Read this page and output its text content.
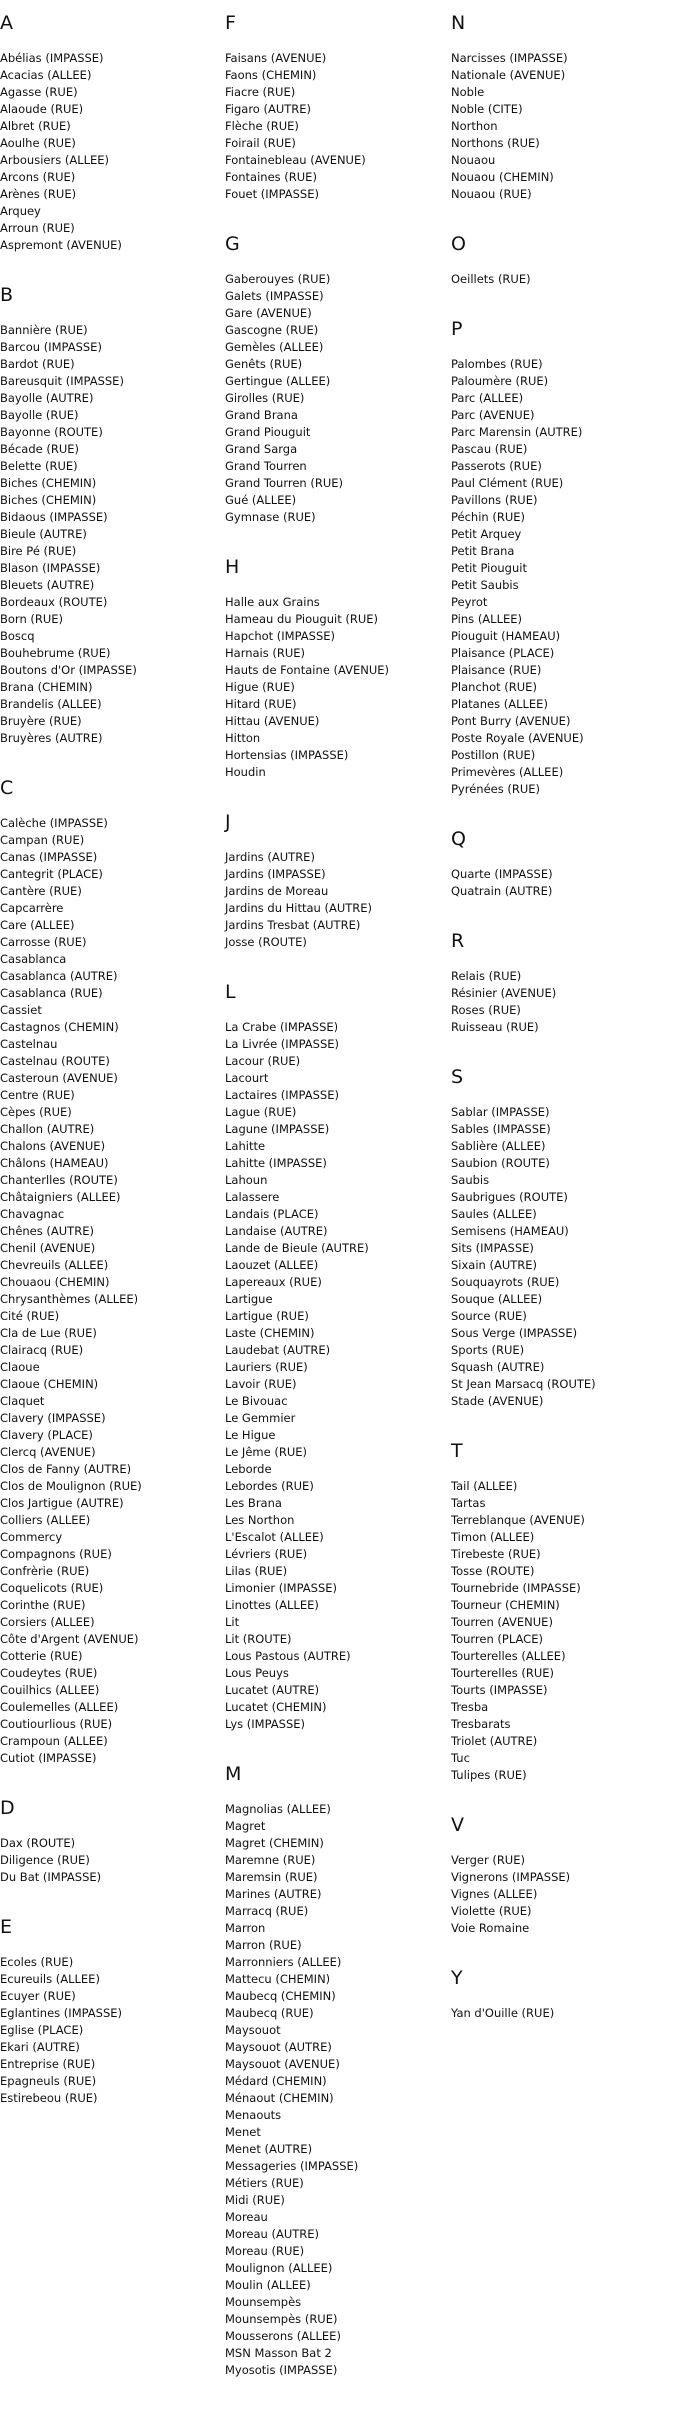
A
Abélias (IMPASSE)
Acacias (ALLEE)
Agasse (RUE)
Alaoude (RUE)
Albret (RUE)
Aoulhe (RUE)
Arbousiers (ALLEE)
Arcons (RUE)
Arènes (RUE)
Arquey
Arroun (RUE)
Aspremont (AVENUE)
B
Bannière (RUE)
Barcou (IMPASSE)
Bardot (RUE)
Bareusquit (IMPASSE)
Bayolle (AUTRE)
Bayolle (RUE)
Bayonne (ROUTE)
Bécade (RUE)
Belette (RUE)
Biches (CHEMIN)
Biches (CHEMIN)
Bidaous (IMPASSE)
Bieule (AUTRE)
Bire Pé (RUE)
Blason (IMPASSE)
Bleuets (AUTRE)
Bordeaux (ROUTE)
Born (RUE)
Boscq
Bouhebrume (RUE)
Boutons d'Or (IMPASSE)
Brana (CHEMIN)
Brandelis (ALLEE)
Bruyère (RUE)
Bruyères (AUTRE)
C
Calèche (IMPASSE)
Campan (RUE)
Canas (IMPASSE)
Cantegrit (PLACE)
Cantère (RUE)
Capcarrère
Care (ALLEE)
Carrosse (RUE)
Casablanca
Casablanca (AUTRE)
Casablanca (RUE)
Cassiet
Castagnos (CHEMIN)
Castelnau
Castelnau (ROUTE)
Casteroun (AVENUE)
Centre (RUE)
Cèpes (RUE)
Challon (AUTRE)
Chalons (AVENUE)
Châlons (HAMEAU)
Chanterlles (ROUTE)
Châtaigniers (ALLEE)
Chavagnac
Chênes (AUTRE)
Chenil (AVENUE)
Chevreuils (ALLEE)
Chouaou (CHEMIN)
Chrysanthèmes (ALLEE)
Cité (RUE)
Cla de Lue (RUE)
Clairacq (RUE)
Claoue
Claoue (CHEMIN)
Claquet
Clavery (IMPASSE)
Clavery (PLACE)
Clercq (AVENUE)
Clos de Fanny (AUTRE)
Clos de Moulignon (RUE)
Clos Jartigue (AUTRE)
Colliers (ALLEE)
Commercy
Compagnons (RUE)
Confrèrie (RUE)
Coquelicots (RUE)
Corinthe (RUE)
Corsiers (ALLEE)
Côte d'Argent (AVENUE)
Cotterie (RUE)
Coudeytes (RUE)
Couilhics (ALLEE)
Coulemelles (ALLEE)
Coutiourlious (RUE)
Crampoun (ALLEE)
Cutiot (IMPASSE)
D
Dax (ROUTE)
Diligence (RUE)
Du Bat (IMPASSE)
E
Ecoles (RUE)
Ecureuils (ALLEE)
Ecuyer (RUE)
Eglantines (IMPASSE)
Eglise (PLACE)
Ekari (AUTRE)
Entreprise (RUE)
Epagneuls (RUE)
Estirebeou (RUE)
F
Faisans (AVENUE)
Faons (CHEMIN)
Fiacre (RUE)
Figaro (AUTRE)
Flèche (RUE)
Foirail (RUE)
Fontainebleau (AVENUE)
Fontaines (RUE)
Fouet (IMPASSE)
G
Gaberouyes (RUE)
Galets (IMPASSE)
Gare (AVENUE)
Gascogne (RUE)
Gemèles (ALLEE)
Genêts (RUE)
Gertingue (ALLEE)
Girolles (RUE)
Grand Brana
Grand Piouguit
Grand Sarga
Grand Tourren
Grand Tourren (RUE)
Gué (ALLEE)
Gymnase (RUE)
H
Halle aux Grains
Hameau du Piouguit (RUE)
Hapchot (IMPASSE)
Harnais (RUE)
Hauts de Fontaine (AVENUE)
Higue (RUE)
Hitard (RUE)
Hittau (AVENUE)
Hitton
Hortensias (IMPASSE)
Houdin
J
Jardins (AUTRE)
Jardins (IMPASSE)
Jardins de Moreau
Jardins du Hittau (AUTRE)
Jardins Tresbat (AUTRE)
Josse (ROUTE)
L
La Crabe (IMPASSE)
La Livrée (IMPASSE)
Lacour (RUE)
Lacourt
Lactaires (IMPASSE)
Lague (RUE)
Lagune (IMPASSE)
Lahitte
Lahitte (IMPASSE)
Lahoun
Lalassere
Landais (PLACE)
Landaise (AUTRE)
Lande de Bieule (AUTRE)
Laouzet (ALLEE)
Lapereaux (RUE)
Lartigue
Lartigue (RUE)
Laste (CHEMIN)
Laudebat (AUTRE)
Lauriers (RUE)
Lavoir (RUE)
Le Bivouac
Le Gemmier
Le Higue
Le Jême (RUE)
Leborde
Lebordes (RUE)
Les Brana
Les Northon
L'Escalot (ALLEE)
Lévriers (RUE)
Lilas (RUE)
Limonier (IMPASSE)
Linottes (ALLEE)
Lit
Lit (ROUTE)
Lous Pastous (AUTRE)
Lous Peuys
Lucatet (AUTRE)
Lucatet (CHEMIN)
Lys (IMPASSE)
M
Magnolias (ALLEE)
Magret
Magret (CHEMIN)
Maremne (RUE)
Maremsin (RUE)
Marines (AUTRE)
Marracq (RUE)
Marron
Marron (RUE)
Marronniers (ALLEE)
Mattecu (CHEMIN)
Maubecq (CHEMIN)
Maubecq (RUE)
Maysouot
Maysouot (AUTRE)
Maysouot (AVENUE)
Médard (CHEMIN)
Ménaout (CHEMIN)
Menaouts
Menet
Menet (AUTRE)
Messageries (IMPASSE)
Métiers (RUE)
Midi (RUE)
Moreau
Moreau (AUTRE)
Moreau (RUE)
Moulignon (ALLEE)
Moulin (ALLEE)
Mounsempès
Mounsempès (RUE)
Mousserons (ALLEE)
MSN Masson Bat 2
Myosotis (IMPASSE)
N
Narcisses (IMPASSE)
Nationale (AVENUE)
Noble
Noble (CITE)
Northon
Northons (RUE)
Nouaou
Nouaou (CHEMIN)
Nouaou (RUE)
O
Oeillets (RUE)
P
Palombes (RUE)
Paloumère (RUE)
Parc (ALLEE)
Parc (AVENUE)
Parc Marensin (AUTRE)
Pascau (RUE)
Passerots (RUE)
Paul Clément (RUE)
Pavillons (RUE)
Péchin (RUE)
Petit Arquey
Petit Brana
Petit Piouguit
Petit Saubis
Peyrot
Pins (ALLEE)
Piouguit (HAMEAU)
Plaisance (PLACE)
Plaisance (RUE)
Planchot (RUE)
Platanes (ALLEE)
Pont Burry (AVENUE)
Poste Royale (AVENUE)
Postillon (RUE)
Primevères (ALLEE)
Pyrénées (RUE)
Q
Quarte (IMPASSE)
Quatrain (AUTRE)
R
Relais (RUE)
Résinier (AVENUE)
Roses (RUE)
Ruisseau (RUE)
S
Sablar (IMPASSE)
Sables (IMPASSE)
Sablière (ALLEE)
Saubion (ROUTE)
Saubis
Saubrigues (ROUTE)
Saules (ALLEE)
Semisens (HAMEAU)
Sits (IMPASSE)
Sixain (AUTRE)
Souquayrots (RUE)
Souque (ALLEE)
Source (RUE)
Sous Verge (IMPASSE)
Sports (RUE)
Squash (AUTRE)
St Jean Marsacq (ROUTE)
Stade (AVENUE)
T
Tail (ALLEE)
Tartas
Terreblanque (AVENUE)
Timon (ALLEE)
Tirebeste (RUE)
Tosse (ROUTE)
Tournebride (IMPASSE)
Tourneur (CHEMIN)
Tourren (AVENUE)
Tourren (PLACE)
Tourterelles (ALLEE)
Tourterelles (RUE)
Tourts (IMPASSE)
Tresba
Tresbarats
Triolet (AUTRE)
Tuc
Tulipes (RUE)
V
Verger (RUE)
Vignerons (IMPASSE)
Vignes (ALLEE)
Violette (RUE)
Voie Romaine
Y
Yan d'Ouille (RUE)
